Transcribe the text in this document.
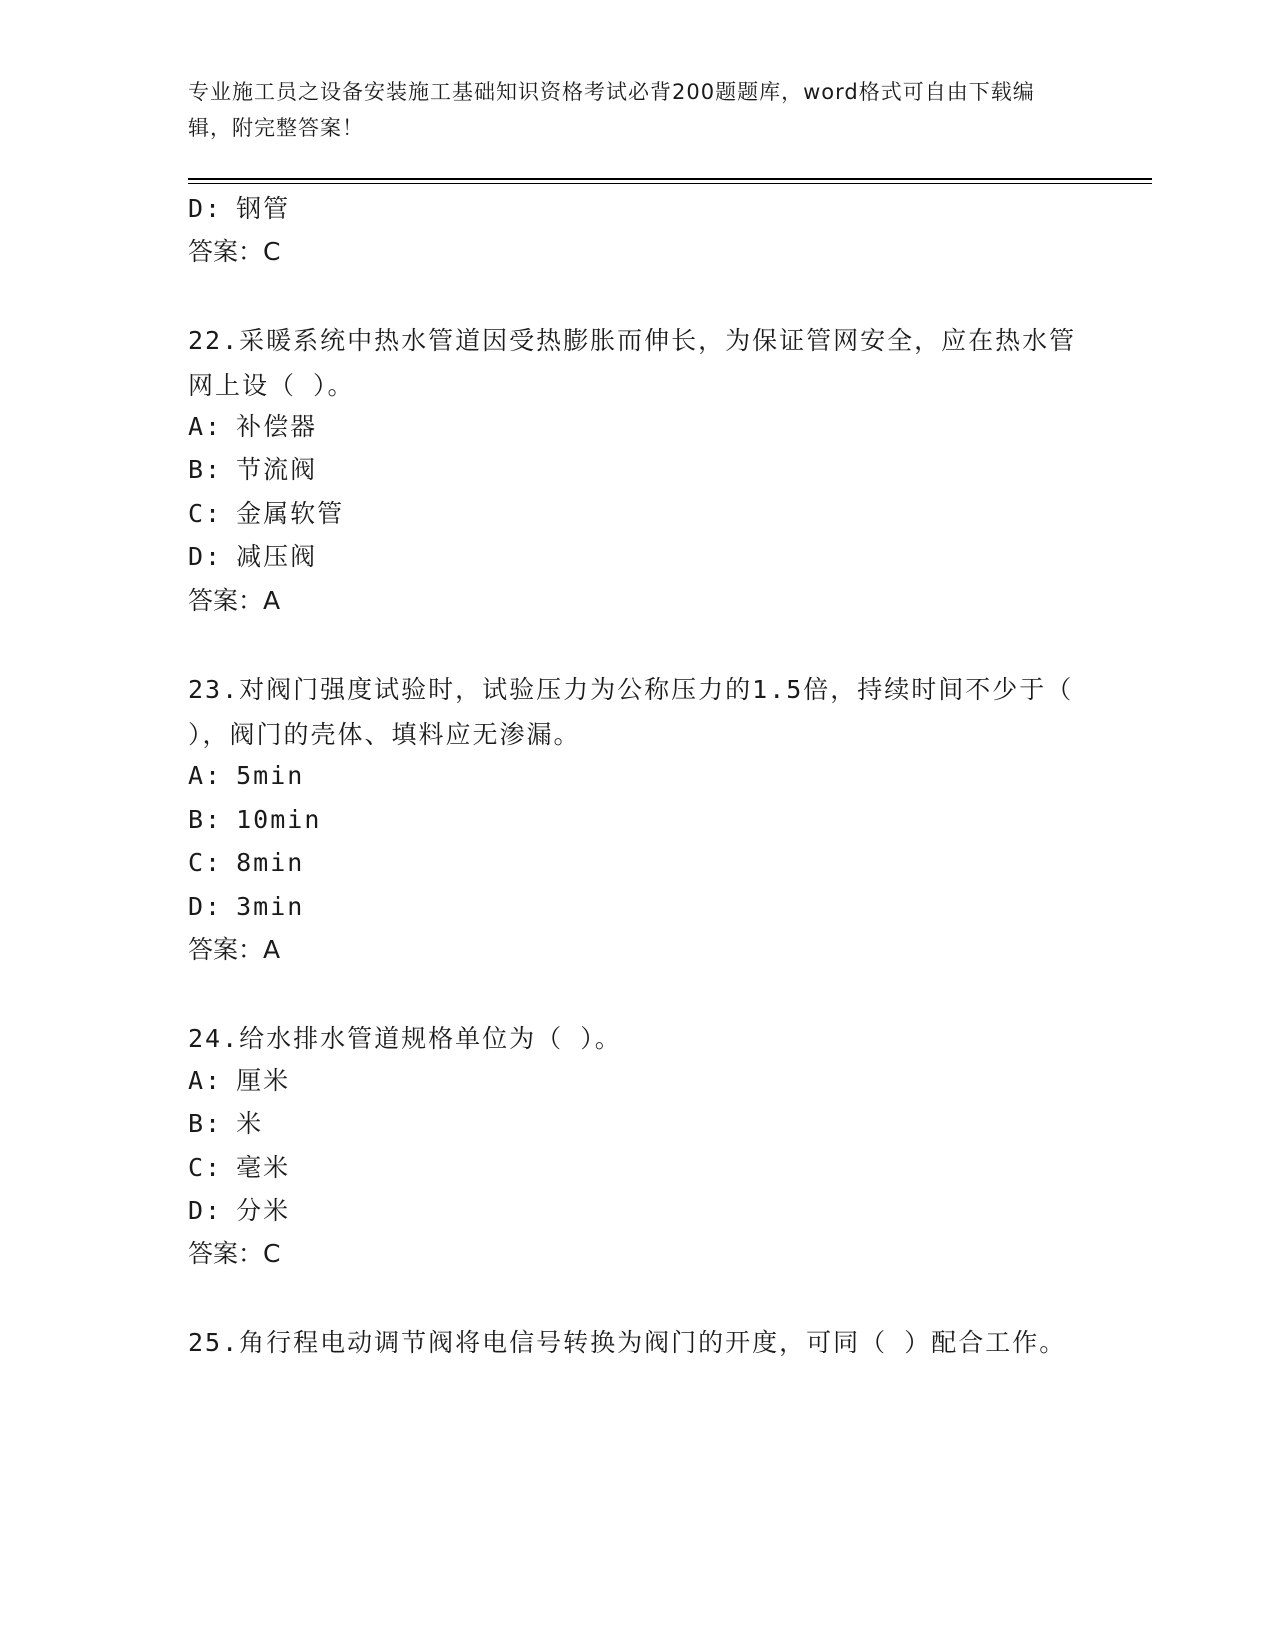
专业施工员之设备安装施工基础知识资格考试必背200题题库，word格式可自由下载编辑，附完整答案！
D: 钢管
答案：C
22.采暖系统中热水管道因受热膨胀而伸长，为保证管网安全，应在热水管网上设（ ）。
A: 补偿器
B: 节流阀
C: 金属软管
D: 减压阀
答案：A
23.对阀门强度试验时，试验压力为公称压力的1.5倍，持续时间不少于（ ），阀门的壳体、填料应无渗漏。
A: 5min
B: 10min
C: 8min
D: 3min
答案：A
24.给水排水管道规格单位为（ ）。
A: 厘米
B: 米
C: 毫米
D: 分米
答案：C
25.角行程电动调节阀将电信号转换为阀门的开度，可同（ ）配合工作。
